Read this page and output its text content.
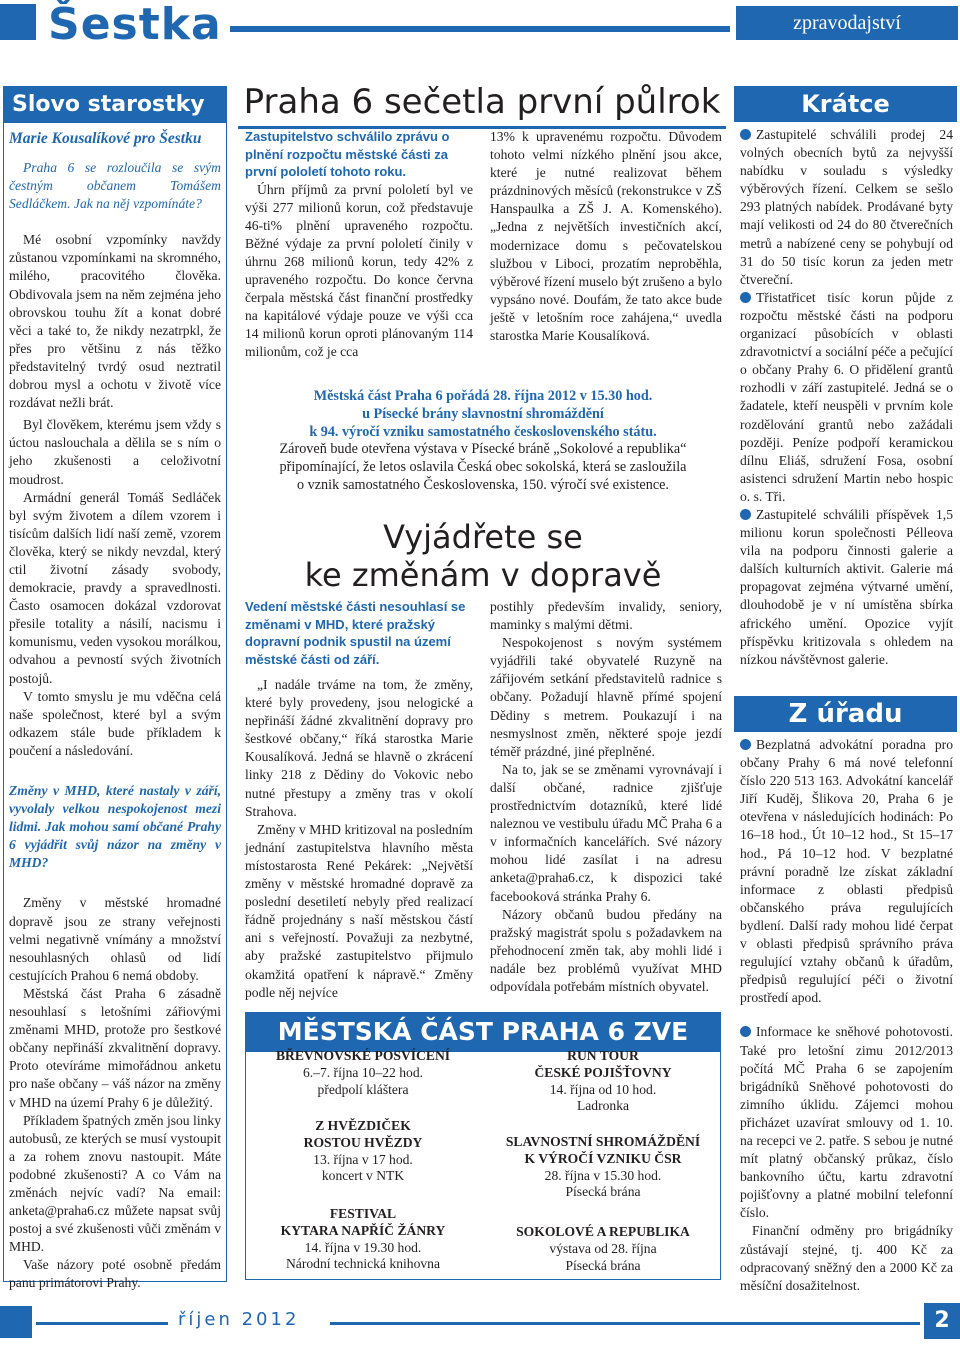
Šestka	zpravodajství
Slovo starostky
Marie Kousalíkové pro Šestku

Praha 6 se rozloučila se svým čestným občanem Tomášem Sedláčkem. Jak na něj vzpomínáte?

Mé osobní vzpomínky navždy zůstanou vzpomínkami na skromného, milého, pracovitého člověka. Obdivovala jsem na něm zejména jeho obrovskou touhu žít a konat dobré věci a také to, že nikdy nezatrpkl, že přes pro většinu z nás těžko představitelný tvrdý osud neztratil dobrou mysl a ochotu v životě více rozdávat nežli brát.

Byl člověkem, kterému jsem vždy s úctou naslouchala a dělila se s ním o jeho zkušenosti a celoživotní moudrost.

Armádní generál Tomáš Sedláček byl svým životem a dílem vzorem i tisícům dalších lidí naší země, vzorem člověka, který se nikdy nevzdal, který ctil životní zásady svobody, demokracie, pravdy a spravedlnosti. Často osamocen dokázal vzdorovat přesile totality a násilí, nacismu i komunismu, veden vysokou morálkou, odvahou a pevností svých životních postojů.

V tomto smyslu je mu vděčna celá naše společnost, které byl a svým odkazem stále bude příkladem k poučení a následování.

Změny v MHD, které nastaly v září, vyvolaly velkou nespokojenost mezi lidmi. Jak mohou samí občané Prahy 6 vyjádřit svůj názor na změny v MHD?

Změny v městské hromadné dopravě jsou ze strany veřejnosti velmi negativně vnímány a množství nesouhlasných ohlasů od lidí cestujících Prahou 6 nemá obdoby.

Městská část Praha 6 zásadně nesouhlasí s letošními zářiovými změnami MHD, protože pro šestkové občany nepřináší zkvalitnění dopravy. Proto otevíráme mimořádnou anketu pro naše občany – váš názor na změny v MHD na území Prahy 6 je důležitý.

Příkladem špatných změn jsou linky autobusů, ze kterých se musí vystoupit a za rohem znovu nastoupit. Máte podobné zkušenosti? A co Vám na změnách nejvíc vadí? Na email: anketa@praha6.cz můžete napsat svůj postoj a své zkušenosti vůči změnám v MHD.

Vaše názory poté osobně předám panu primátorovi Prahy.

Praha 6 sečetla první půlrok
Zastupitelstvo schválilo zprávu o plnění rozpočtu městské části za první pololetí tohoto roku.

Úhrn příjmů za první pololetí byl ve výši 277 milionů korun, což představuje 46-ti% plnění upraveného rozpočtu. Běžné výdaje za první pololetí činily v úhrnu 268 milionů korun, tedy 42% z upraveného rozpočtu. Do konce června čerpala městská část finanční prostředky na kapitálové výdaje pouze ve výši cca 14 milionů korun oproti plánovaným 114 milionům, což je cca

13% k upravenému rozpočtu. Důvodem tohoto velmi nízkého plnění jsou akce, které je nutné realizovat během prázdninových měsíců (rekonstrukce v ZŠ Hanspaulka a ZŠ J. A. Komenského). „Jedna z největších investičních akcí, modernizace domu s pečovatelskou službou v Liboci, prozatím neproběhla, výběrové řízení muselo být zrušeno a bylo vypsáno nové. Doufám, že tato akce bude ještě v letošním roce zahájena,“ uvedla starostka Marie Kousalíková.

Městská část Praha 6 pořádá 28. října 2012 v 15.30 hod.
u Písecké brány slavnostní shromáždění
k 94. výročí vzniku samostatného československého státu.
Zároveň bude otevřena výstava v Písecké bráně „Sokolové a republika“
připomínající, že letos oslavila Česká obec sokolská, která se zasloužila
o vznik samostatného Československa, 150. výročí své existence.
Vyjádřete se
ke změnám v dopravě
Vedení městské části nesouhlasí se změnami v MHD, které pražský dopravní podnik spustil na území městské části od září.

„I nadále trváme na tom, že změny, které byly provedeny, jsou nelogické a nepřináší žádné zkvalitnění dopravy pro šestkové občany,“ říká starostka Marie Kousalíková. Jedná se hlavně o zkrácení linky 218 z Dědiny do Vokovic nebo nutné přestupy a změny tras v okolí Strahova.

Změny v MHD kritizoval na posledním jednání zastupitelstva hlavního města místostarosta René Pekárek: „Největší změny v městské hromadné dopravě za poslední desetiletí nebyly před realizací řádně projednány s naší městskou částí ani s veřejností. Považuji za nezbytné, aby pražské zastupitelstvo přijmulo okamžitá opatření k nápravě.“ Změny podle něj nejvíce

postihly především invalidy, seniory, maminky s malými dětmi.

Nespokojenost s novým systémem vyjádřili také obyvatelé Ruzyně na zářijovém setkání představitelů radnice s občany. Požadují hlavně přímé spojení Dědiny s metrem. Poukazují i na nesmyslnost změn, některé spoje jezdí téměř prázdné, jiné přeplněné.

Na to, jak se se změnami vyrovnávají i další občané, radnice zjišťuje prostřednictvím dotazníků, které lidé naleznou ve vestibulu úřadu MČ Praha 6 a v informačních kancelářích. Své názory mohou lidé zasílat i na adresu anketa@praha6.cz, k dispozici také facebooková stránka Prahy 6.

Názory občanů budou předány na pražský magistrát spolu s požadavkem na přehodnocení změn tak, aby mohli lidé i nadále bez problémů využívat MHD odpovídala potřebám místních obyvatel.

MĚSTSKÁ ČÁST PRAHA 6 ZVE
BŘEVNOVSKÉ POSVÍCENÍ
6.–7. října 10–22 hod.
předpolí kláštera
Z HVĚZDIČEK
ROSTOU HVĚZDY
13. října v 17 hod.
koncert v NTK
FESTIVAL
KYTARA NAPŘÍČ ŽÁNRY
14. října v 19.30 hod.
Národní technická knihovna
RUN TOUR
ČESKÉ POJIŠŤOVNY
14. října od 10 hod.
Ladronka
SLAVNOSTNÍ SHROMÁŽDĚNÍ
K VÝROČÍ VZNIKU ČSR
28. října v 15.30 hod.
Písecká brána
SOKOLOVÉ A REPUBLIKA
výstava od 28. října
Písecká brána
Krátce

Zastupitelé schválili prodej 24 volných obecních bytů za nejvyšší nabídku v souladu s výsledky výběrových řízení. Celkem se sešlo 293 platných nabídek. Prodávané byty mají velikosti od 24 do 80 čtverečních metrů a nabízené ceny se pohybují od 31 do 50 tisíc korun za jeden metr čtvereční.

Třistatřicet tisíc korun půjde z rozpočtu městské části na podporu organizací působících v oblasti zdravotnictví a sociální péče a pečující o občany Prahy 6. O přidělení grantů rozhodli v září zastupitelé. Jedná se o žadatele, kteří neuspěli v prvním kole rozdělování grantů nebo zažádali později. Peníze podpoří keramickou dílnu Eliáš, sdružení Fosa, osobní asistenci sdružení Martin nebo hospic o. s. Tři.

Zastupitelé schválili příspěvek 1,5 milionu korun společnosti Pélleova vila na podporu činnosti galerie a dalších kulturních aktivit. Galerie má propagovat zejména výtvarné umění, dlouhodobě je v ní umístěna sbírka afrického umění. Opozice vyjít příspěvku kritizovala s ohledem na nízkou návštěvnost galerie.

Z úřadu

Bezplatná advokátní poradna pro občany Prahy 6 má nové telefonní číslo 220 513 163. Advokátní kancelář Jiří Kuděj, Šlikova 20, Praha 6 je otevřena v následujících hodinách: Po 16–18 hod., Út 10–12 hod., St 15–17 hod., Pá 10–12 hod. V bezplatné právní poradně lze získat základní informace z oblasti předpisů občanského práva regulujících bydlení. Další rady mohou lidé čerpat v oblasti předpisů správního práva regulující vztahy občanů k úřadům, předpisů regulující péči o životní prostředí apod.

Informace ke sněhové pohotovosti. Také pro letošní zimu 2012/2013 počítá MČ Praha 6 se zapojením brigádníků Sněhové pohotovosti do zimního úklidu. Zájemci mohou přicházet uzavírat smlouvy od 1. 10. na recepci ve 2. patře. S sebou je nutné mít platný občanský průkaz, číslo bankovního účtu, kartu zdravotní pojišťovny a platné mobilní telefonní číslo.

Finanční odměny pro brigádníky zůstávají stejné, tj. 400 Kč za odpracovaný sněžný den a 2000 Kč za měsíční dosažitelnost.

říjen 2012	2
